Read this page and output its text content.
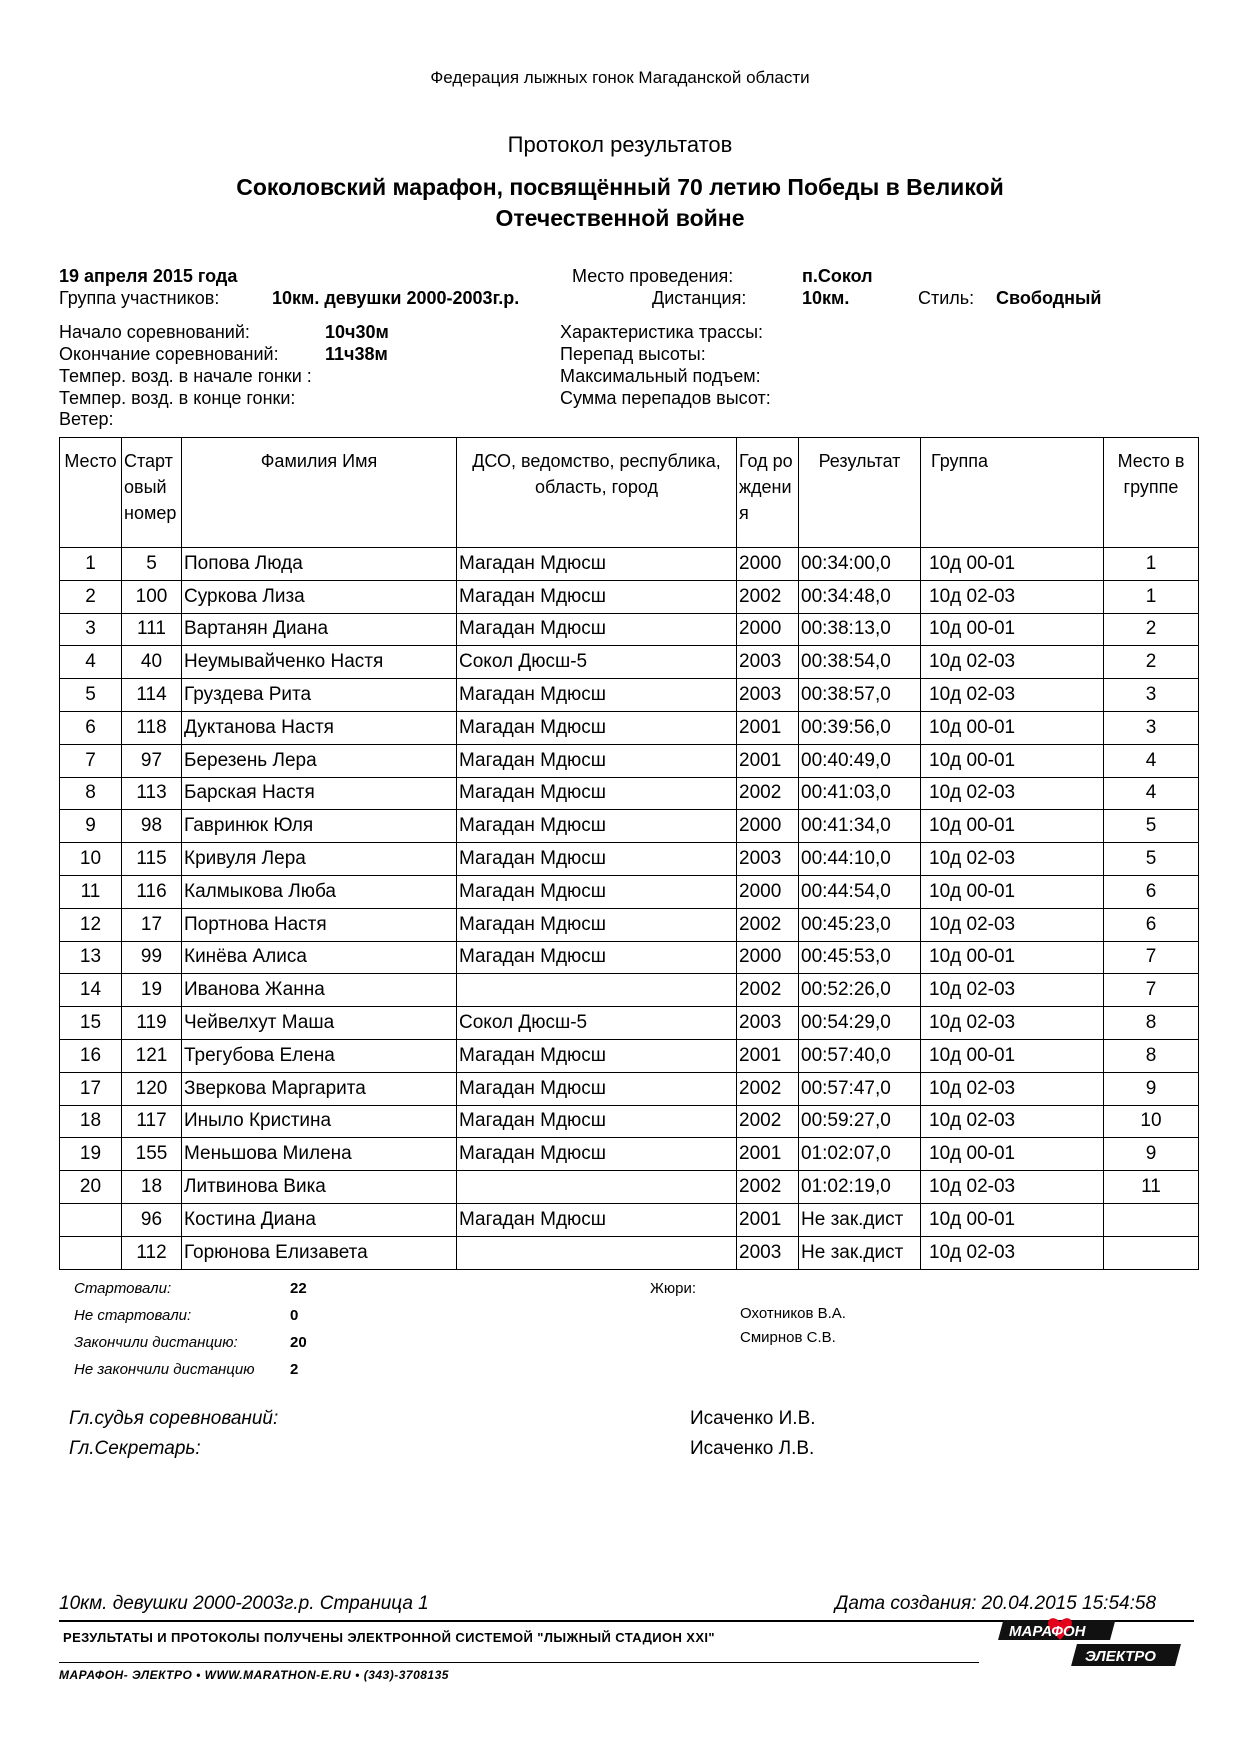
Федерация лыжных гонок Магаданской области
Протокол результатов
Соколовский марафон, посвящённый 70 летию Победы в Великой
Отечественной войне
19 апреля 2015 года
Группа участников:	10км. девушки 2000-2003г.р.
Место проведения:	п.Сокол
Дистанция:	10км.	Стиль: Свободный
Начало соревнований:	10ч30м
Окончание соревнований:	11ч38м
Темпер. возд. в начале гонки :
Темпер. возд. в конце гонки:
Ветер:
Характеристика трассы:
Перепад высоты:
Максимальный подъем:
Сумма перепадов высот:
Место	Стартовый номер	Фамилия Имя	ДСО, ведомство, республика, область, город	Год рождения	Результат	Группа	Место в группе
1	5	Попова Люда	Магадан Мдюсш	2000	00:34:00,0	10д 00-01	1
2	100	Суркова Лиза	Магадан Мдюсш	2002	00:34:48,0	10д 02-03	1
3	111	Вартанян Диана	Магадан Мдюсш	2000	00:38:13,0	10д 00-01	2
4	40	Неумывайченко Настя	Сокол Дюсш-5	2003	00:38:54,0	10д 02-03	2
5	114	Груздева Рита	Магадан Мдюсш	2003	00:38:57,0	10д 02-03	3
6	118	Дуктанова Настя	Магадан Мдюсш	2001	00:39:56,0	10д 00-01	3
7	97	Березень Лера	Магадан Мдюсш	2001	00:40:49,0	10д 00-01	4
8	113	Барская Настя	Магадан Мдюсш	2002	00:41:03,0	10д 02-03	4
9	98	Гавринюк Юля	Магадан Мдюсш	2000	00:41:34,0	10д 00-01	5
10	115	Кривуля Лера	Магадан Мдюсш	2003	00:44:10,0	10д 02-03	5
11	116	Калмыкова Люба	Магадан Мдюсш	2000	00:44:54,0	10д 00-01	6
12	17	Портнова Настя	Магадан Мдюсш	2002	00:45:23,0	10д 02-03	6
13	99	Кинёва Алиса	Магадан Мдюсш	2000	00:45:53,0	10д 00-01	7
14	19	Иванова Жанна		2002	00:52:26,0	10д 02-03	7
15	119	Чейвелхут Маша	Сокол Дюсш-5	2003	00:54:29,0	10д 02-03	8
16	121	Трегубова Елена	Магадан Мдюсш	2001	00:57:40,0	10д 00-01	8
17	120	Зверкова Маргарита	Магадан Мдюсш	2002	00:57:47,0	10д 02-03	9
18	117	Иныло Кристина	Магадан Мдюсш	2002	00:59:27,0	10д 02-03	10
19	155	Меньшова Милена	Магадан Мдюсш	2001	01:02:07,0	10д 00-01	9
20	18	Литвинова Вика		2002	01:02:19,0	10д 02-03	11
	96	Костина Диана	Магадан Мдюсш	2001	Не зак.дист	10д 00-01	
	112	Горюнова Елизавета		2003	Не зак.дист	10д 02-03	
Стартовали:	22
Не стартовали:	0
Закончили дистанцию:	20
Не закончили дистанцию 2
Жюри:
Охотников В.А.
Смирнов С.В.
Гл.судья соревнований:	Исаченко И.В.
Гл.Секретарь:	Исаченко Л.В.
10км. девушки 2000-2003г.р. Страница 1	Дата создания: 20.04.2015 15:54:58
РЕЗУЛЬТАТЫ И ПРОТОКОЛЫ ПОЛУЧЕНЫ ЭЛЕКТРОННОЙ СИСТЕМОЙ "ЛЫЖНЫЙ СТАДИОН XXI"
МАРАФОН- ЭЛЕКТРО • WWW.MARATHON-E.RU • (343)-3708135
МАРАФОН
ЭЛЕКТРО
